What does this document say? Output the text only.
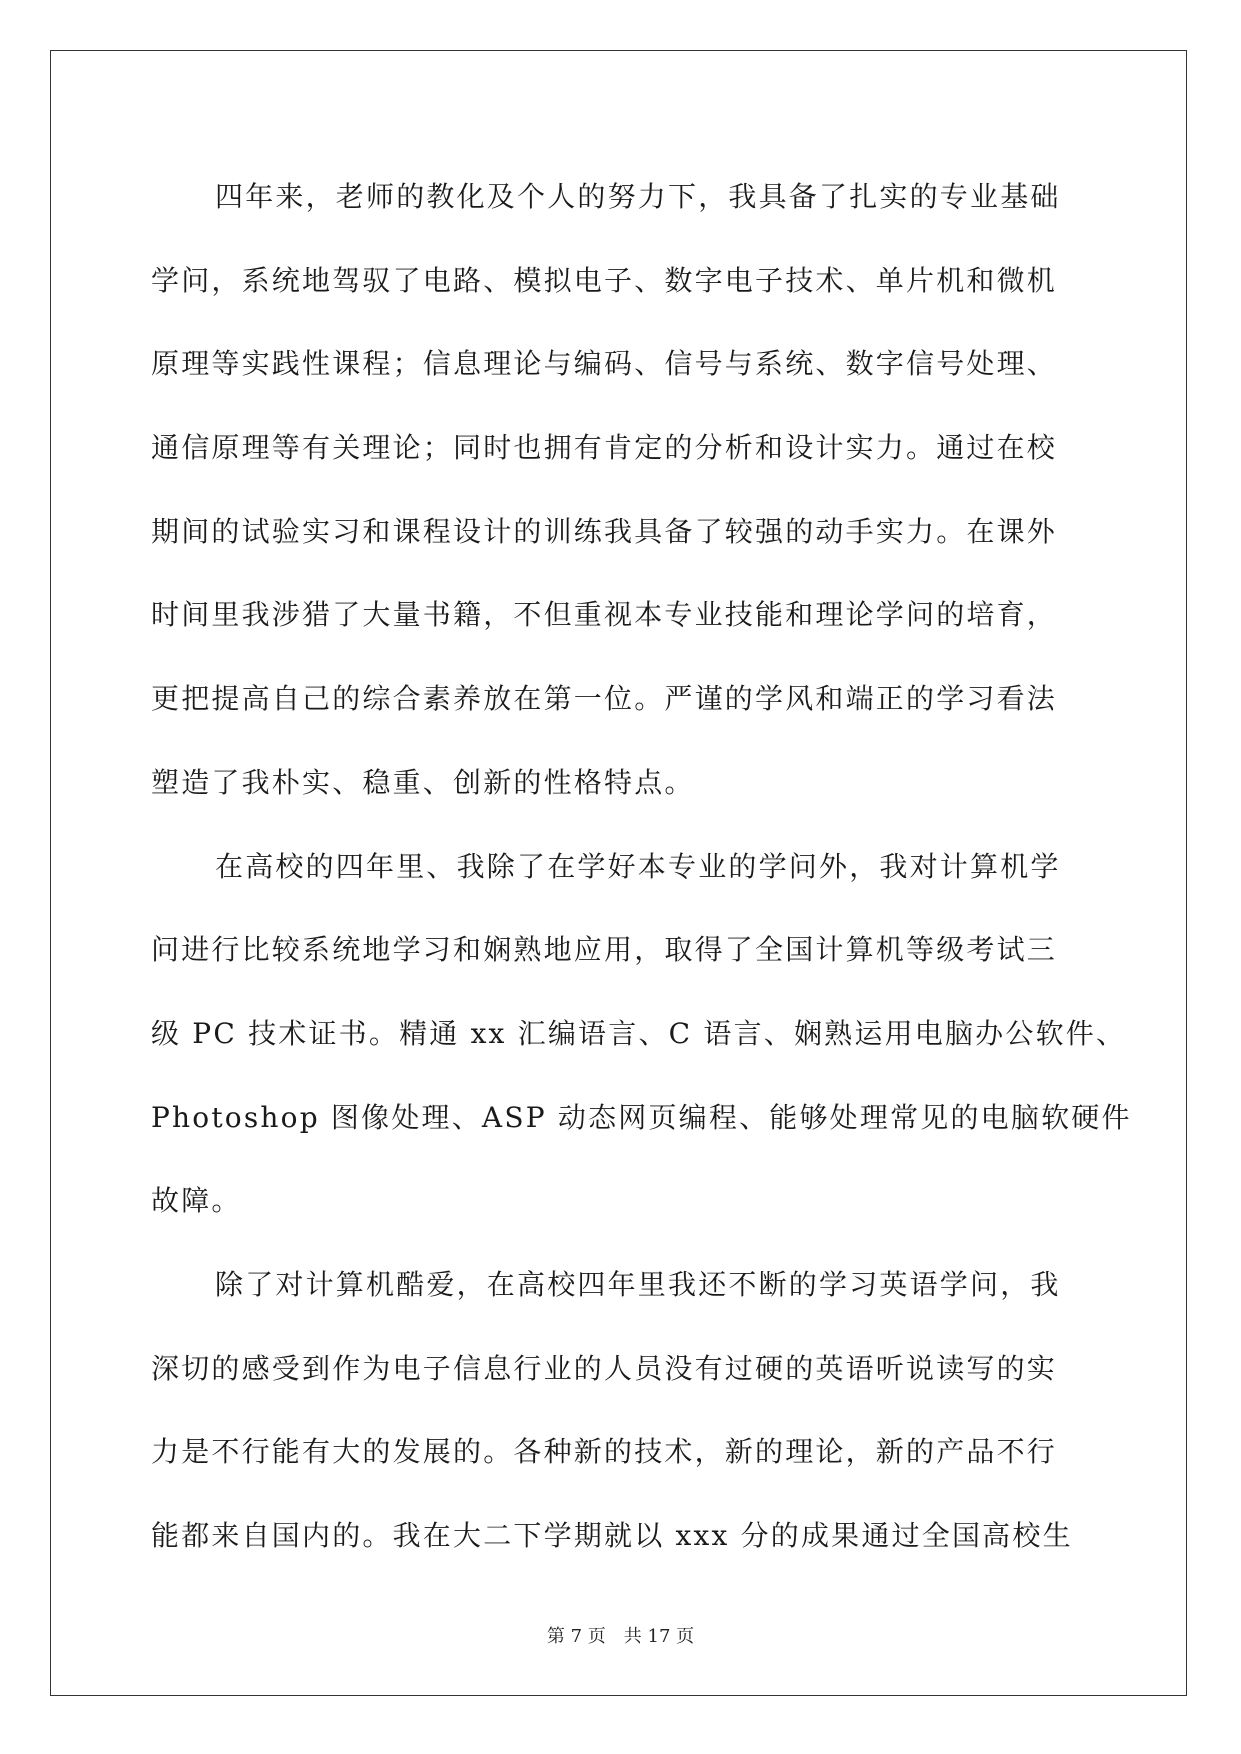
四年来，老师的教化及个人的努力下，我具备了扎实的专业基础
学问，系统地驾驭了电路、模拟电子、数字电子技术、单片机和微机
原理等实践性课程；信息理论与编码、信号与系统、数字信号处理、
通信原理等有关理论；同时也拥有肯定的分析和设计实力。通过在校
期间的试验实习和课程设计的训练我具备了较强的动手实力。在课外
时间里我涉猎了大量书籍，不但重视本专业技能和理论学问的培育，
更把提高自己的综合素养放在第一位。严谨的学风和端正的学习看法
塑造了我朴实、稳重、创新的性格特点。
在高校的四年里、我除了在学好本专业的学问外，我对计算机学
问进行比较系统地学习和娴熟地应用，取得了全国计算机等级考试三
级 PC 技术证书。精通 xx 汇编语言、C 语言、娴熟运用电脑办公软件、
Photoshop 图像处理、ASP 动态网页编程、能够处理常见的电脑软硬件
故障。
除了对计算机酷爱，在高校四年里我还不断的学习英语学问，我
深切的感受到作为电子信息行业的人员没有过硬的英语听说读写的实
力是不行能有大的发展的。各种新的技术，新的理论，新的产品不行
能都来自国内的。我在大二下学期就以 xxx 分的成果通过全国高校生
第 7 页　共 17 页
